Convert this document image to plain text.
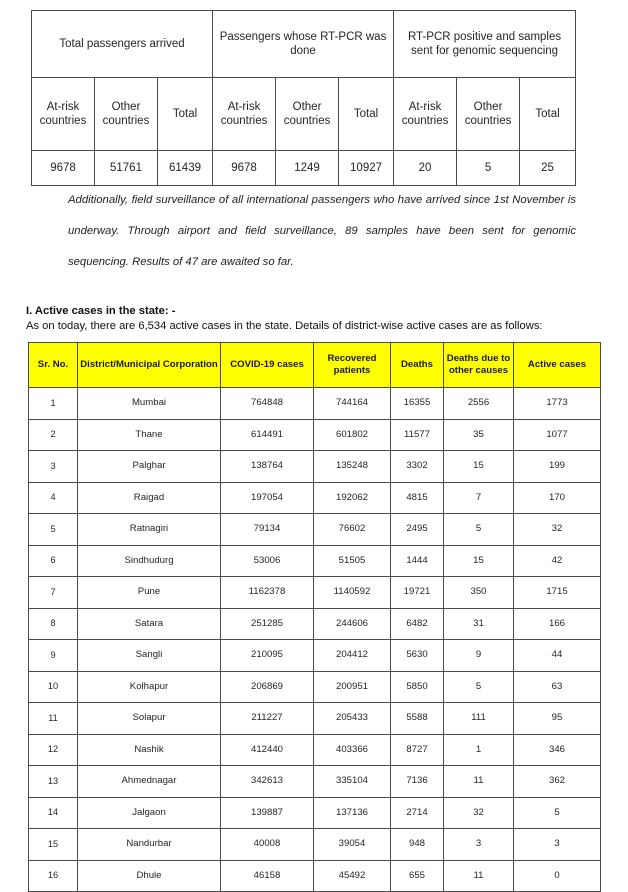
Total passengers arrived			Passengers whose RT-PCR was done			RT-PCR positive and samples sent for genomic sequencing		
At-risk countries	Other countries	Total	At-risk countries	Other countries	Total	At-risk countries	Other countries	Total
9678	51761	61439	9678	1249	10927	20	5	25
Additionally, field surveillance of all international passengers who have arrived since 1st November is underway. Through airport and field surveillance, 89 samples have been sent for genomic sequencing. Results of 47 are awaited so far.
I. Active cases in the state: -
As on today, there are 6,534 active cases in the state. Details of district-wise active cases are as follows:
Sr. No.	District/Municipal Corporation	COVID-19 cases	Recovered patients	Deaths	Deaths due to other causes	Active cases
1	Mumbai	764848	744164	16355	2556	1773
2	Thane	614491	601802	11577	35	1077
3	Palghar	138764	135248	3302	15	199
4	Raigad	197054	192062	4815	7	170
5	Ratnagiri	79134	76602	2495	5	32
6	Sindhudurg	53006	51505	1444	15	42
7	Pune	1162378	1140592	19721	350	1715
8	Satara	251285	244606	6482	31	166
9	Sangli	210095	204412	5630	9	44
10	Kolhapur	206869	200951	5850	5	63
11	Solapur	211227	205433	5588	111	95
12	Nashik	412440	403366	8727	1	346
13	Ahmednagar	342613	335104	7136	11	362
14	Jalgaon	139887	137136	2714	32	5
15	Nandurbar	40008	39054	948	3	3
16	Dhule	46158	45492	655	11	0
